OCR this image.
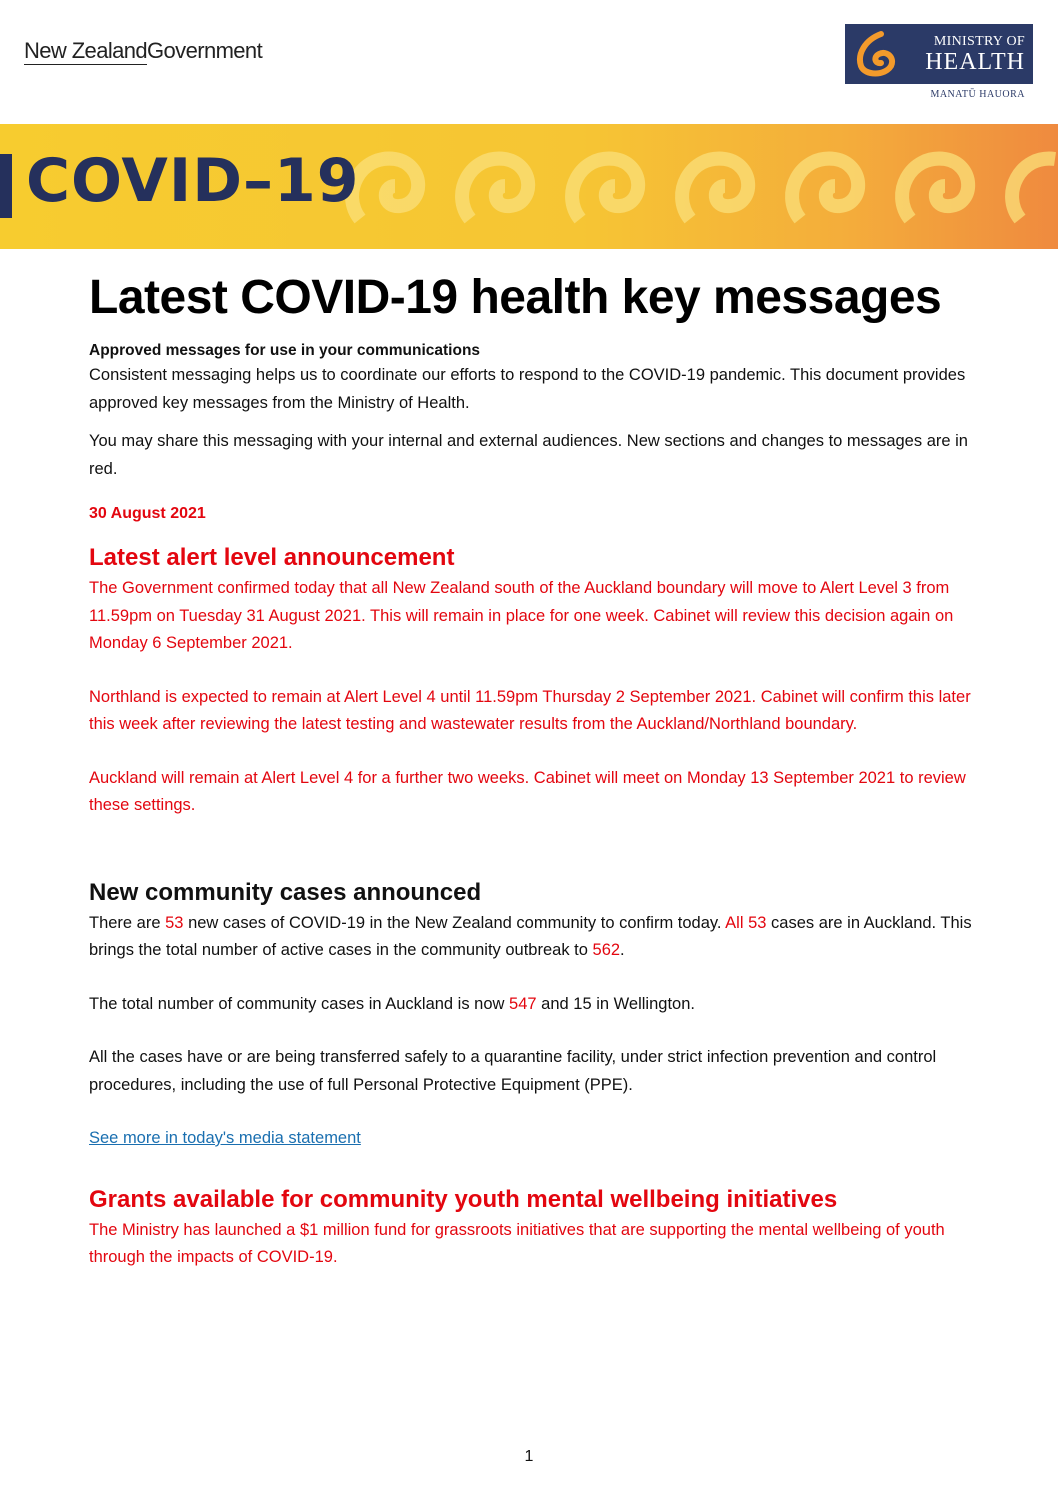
New ZealandGovernment	MINISTRY OF
HEALTH
MANATŪ HAUORA
COVID–19
Latest COVID-19 health key messages
Approved messages for use in your communications

Consistent messaging helps us to coordinate our efforts to respond to the COVID-19 pandemic. This document provides approved key messages from the Ministry of Health.

You may share this messaging with your internal and external audiences. New sections and changes to messages are in red.

30 August 2021
Latest alert level announcement

The Government confirmed today that all New Zealand south of the Auckland boundary will move to Alert Level 3 from 11.59pm on Tuesday 31 August 2021. This will remain in place for one week. Cabinet will review this decision again on Monday 6 September 2021.

Northland is expected to remain at Alert Level 4 until 11.59pm Thursday 2 September 2021. Cabinet will confirm this later this week after reviewing the latest testing and wastewater results from the Auckland/Northland boundary.

Auckland will remain at Alert Level 4 for a further two weeks. Cabinet will meet on Monday 13 September 2021 to review these settings.

New community cases announced

There are 53 new cases of COVID-19 in the New Zealand community to confirm today. All 53 cases are in Auckland. This brings the total number of active cases in the community outbreak to 562.

The total number of community cases in Auckland is now 547 and 15 in Wellington.

All the cases have or are being transferred safely to a quarantine facility, under strict infection prevention and control procedures, including the use of full Personal Protective Equipment (PPE).

See more in today's media statement

Grants available for community youth mental wellbeing initiatives

The Ministry has launched a $1 million fund for grassroots initiatives that are supporting the mental wellbeing of youth through the impacts of COVID-19.

1
